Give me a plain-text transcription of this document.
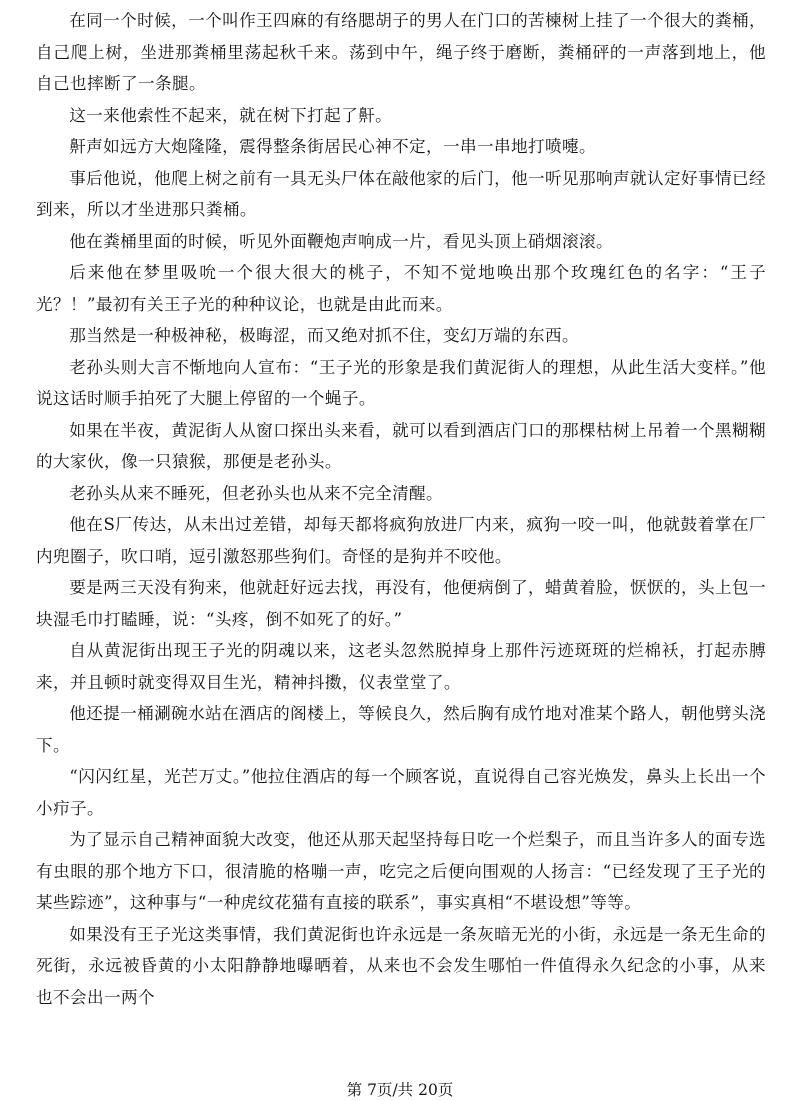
在同一个时候，一个叫作王四麻的有络腮胡子的男人在门口的苦楝树上挂了一个很大的粪桶，自己爬上树，坐进那粪桶里荡起秋千来。荡到中午，绳子终于磨断，粪桶砰的一声落到地上，他自己也摔断了一条腿。

这一来他索性不起来，就在树下打起了鼾。

鼾声如远方大炮隆隆，震得整条街居民心神不定，一串一串地打喷嚏。

事后他说，他爬上树之前有一具无头尸体在敲他家的后门，他一听见那响声就认定好事情已经到来，所以才坐进那只粪桶。

他在粪桶里面的时候，听见外面鞭炮声响成一片，看见头顶上硝烟滚滚。

后来他在梦里吸吮一个很大很大的桃子，不知不觉地唤出那个玫瑰红色的名字：“王子光？！”最初有关王子光的种种议论，也就是由此而来。

那当然是一种极神秘，极晦涩，而又绝对抓不住，变幻万端的东西。

老孙头则大言不惭地向人宣布：“王子光的形象是我们黄泥街人的理想，从此生活大变样。”他说这话时顺手拍死了大腿上停留的一个蝇子。

如果在半夜，黄泥街人从窗口探出头来看，就可以看到酒店门口的那棵枯树上吊着一个黑糊糊的大家伙，像一只猿猴，那便是老孙头。

老孙头从来不睡死，但老孙头也从来不完全清醒。

他在S厂传达，从未出过差错，却每天都将疯狗放进厂内来，疯狗一咬一叫，他就鼓着掌在厂内兜圈子，吹口哨，逗引激怒那些狗们。奇怪的是狗并不咬他。

要是两三天没有狗来，他就赶好远去找，再没有，他便病倒了，蜡黄着脸，恹恹的，头上包一块湿毛巾打瞌睡，说：“头疼，倒不如死了的好。”

自从黄泥街出现王子光的阴魂以来，这老头忽然脱掉身上那件污迹斑斑的烂棉袄，打起赤膊来，并且顿时就变得双目生光，精神抖擞，仪表堂堂了。

他还提一桶涮碗水站在酒店的阁楼上，等候良久，然后胸有成竹地对准某个路人，朝他劈头浇下。

“闪闪红星，光芒万丈。”他拉住酒店的每一个顾客说，直说得自己容光焕发，鼻头上长出一个小疖子。

为了显示自己精神面貌大改变，他还从那天起坚持每日吃一个烂梨子，而且当许多人的面专选有虫眼的那个地方下口，很清脆的格嘣一声，吃完之后便向围观的人扬言：“已经发现了王子光的某些踪迹”，这种事与“一种虎纹花猫有直接的联系”，事实真相“不堪设想”等等。

如果没有王子光这类事情，我们黄泥街也许永远是一条灰暗无光的小街，永远是一条无生命的死街，永远被昏黄的小太阳静静地曝晒着，从来也不会发生哪怕一件值得永久纪念的小事，从来也不会出一两个

第 7页/共 20页
